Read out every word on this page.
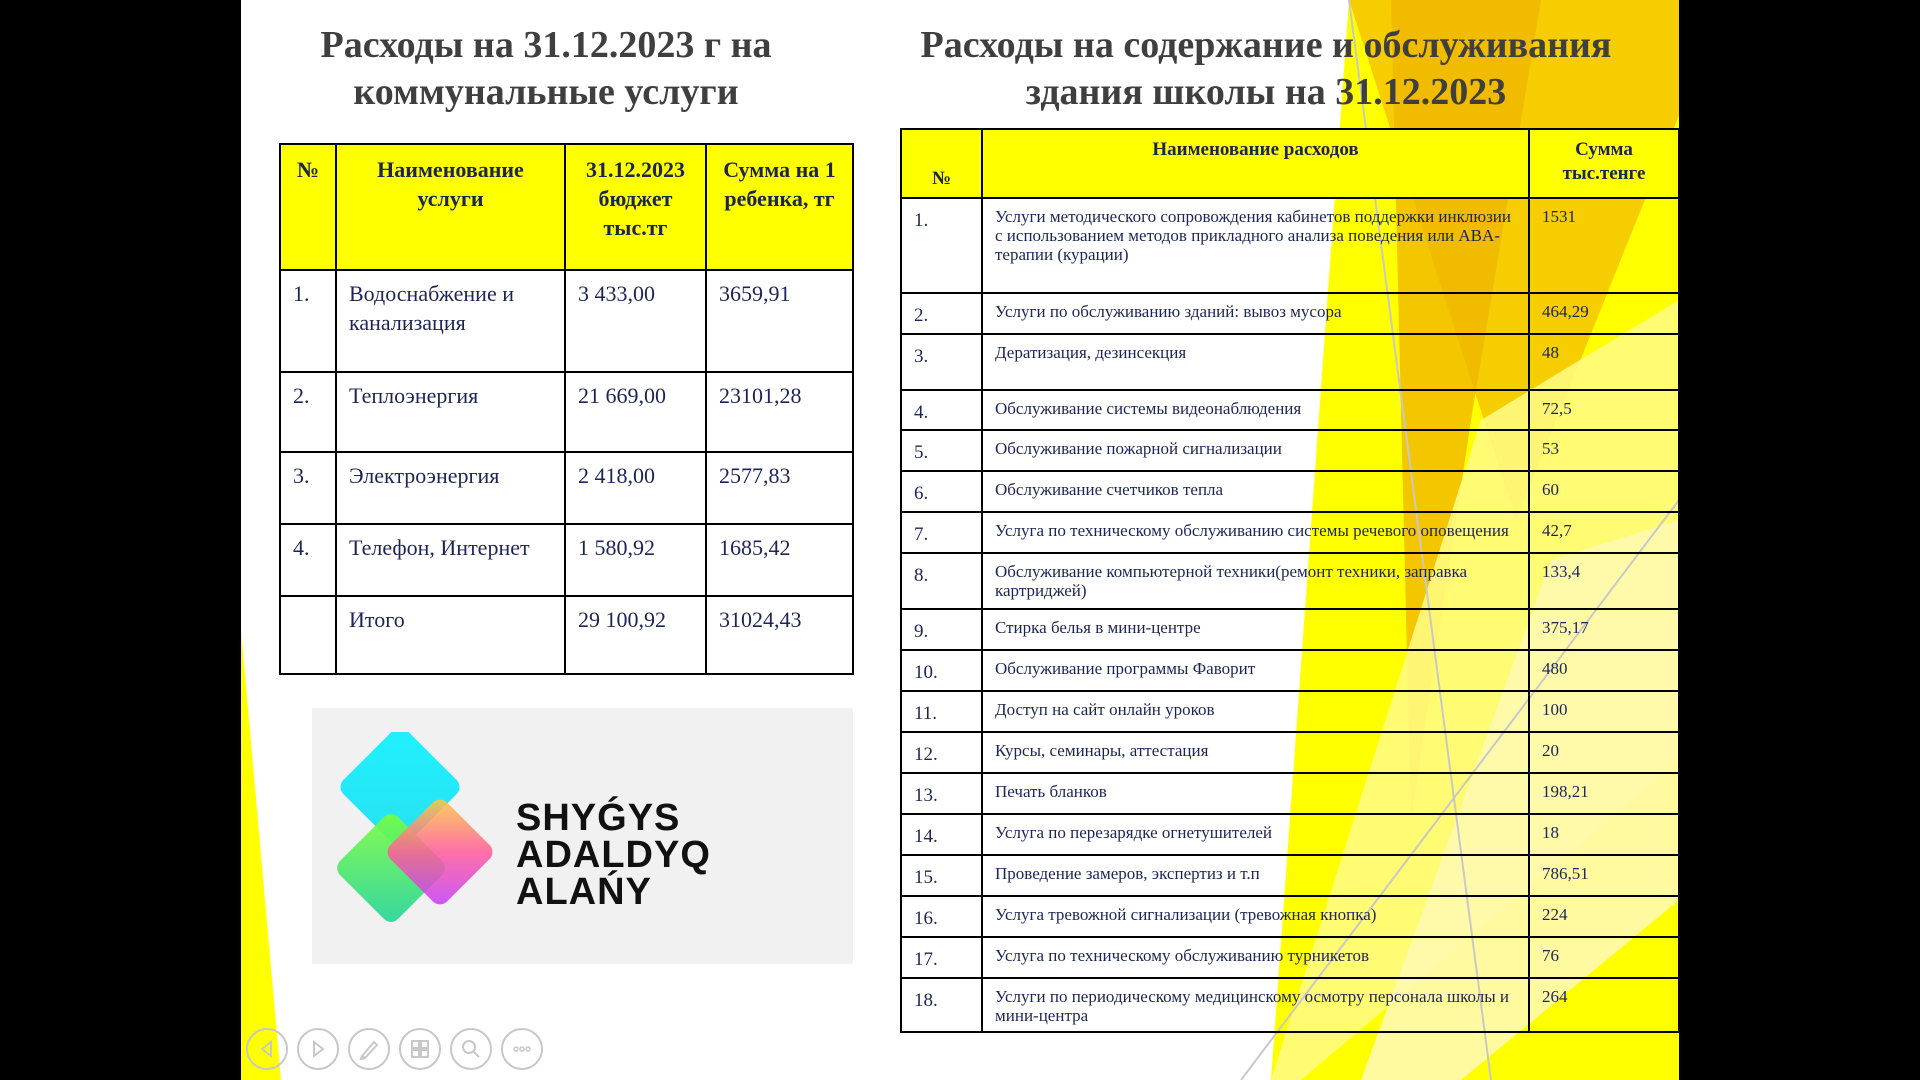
Расходы на 31.12.2023 г на
коммунальные услуги
Расходы на содержание и обслуживания
здания школы на 31.12.2023
№	Наименование услуги	31.12.2023 бюджет тыс.тг	Сумма на 1 ребенка, тг
1.	Водоснабжение и канализация	3 433,00	3659,91
2.	Теплоэнергия	21 669,00	23101,28
3.	Электроэнергия	2 418,00	2577,83
4.	Телефон, Интернет	1 580,92	1685,42
	Итого	29 100,92	31024,43
SHYǴYS
ADALDYQ ALAŃY
№	Наименование расходов	Сумма тыс.тенге
1.	Услуги методического сопровождения кабинетов поддержки инклюзии с использованием методов прикладного анализа поведения или ABA-терапии (курации)	1531
2.	Услуги по обслуживанию зданий: вывоз мусора	464,29
3.	Дератизация, дезинсекция	48
4.	Обслуживание системы видеонаблюдения	72,5
5.	Обслуживание пожарной сигнализации	53
6.	Обслуживание счетчиков тепла	60
7.	Услуга по техническому обслуживанию системы речевого оповещения	42,7
8.	Обслуживание компьютерной техники(ремонт техники, заправка картриджей)	133,4
9.	Стирка белья в мини-центре	375,17
10.	Обслуживание программы Фаворит	480
11.	Доступ на сайт онлайн уроков	100
12.	Курсы, семинары, аттестация	20
13.	Печать бланков	198,21
14.	Услуга по перезарядке огнетушителей	18
15.	Проведение замеров, экспертиз и т.п	786,51
16.	Услуга тревожной сигнализации (тревожная кнопка)	224
17.	Услуга по техническому обслуживанию турникетов	76
18.	Услуги по периодическому медицинскому осмотру персонала школы и мини-центра	264
